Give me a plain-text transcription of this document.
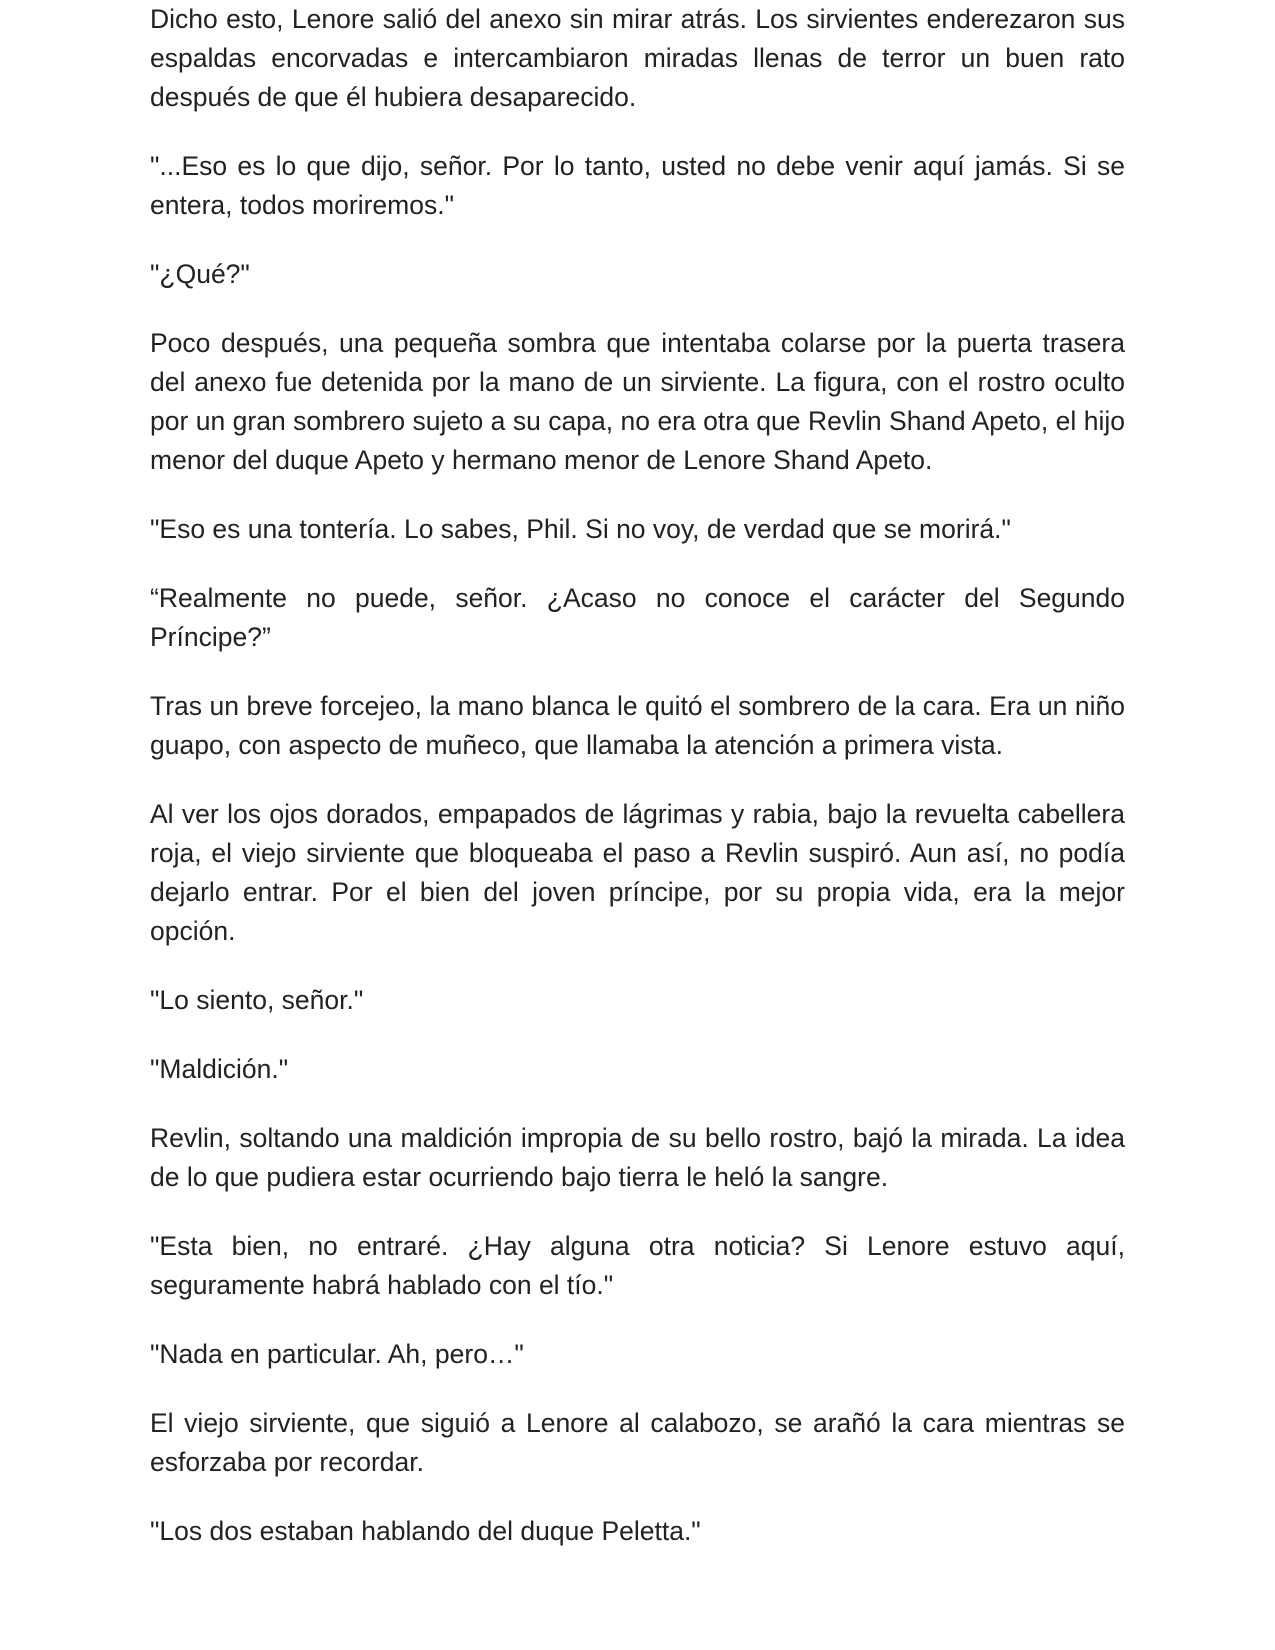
Dicho esto, Lenore salió del anexo sin mirar atrás. Los sirvientes enderezaron sus espaldas encorvadas e intercambiaron miradas llenas de terror un buen rato después de que él hubiera desaparecido.

"...Eso es lo que dijo, señor. Por lo tanto, usted no debe venir aquí jamás. Si se entera, todos moriremos."

"¿Qué?"

Poco después, una pequeña sombra que intentaba colarse por la puerta trasera del anexo fue detenida por la mano de un sirviente. La figura, con el rostro oculto por un gran sombrero sujeto a su capa, no era otra que Revlin Shand Apeto, el hijo menor del duque Apeto y hermano menor de Lenore Shand Apeto.

"Eso es una tontería. Lo sabes, Phil. Si no voy, de verdad que se morirá."

“Realmente no puede, señor. ¿Acaso no conoce el carácter del Segundo Príncipe?”

Tras un breve forcejeo, la mano blanca le quitó el sombrero de la cara. Era un niño guapo, con aspecto de muñeco, que llamaba la atención a primera vista.

Al ver los ojos dorados, empapados de lágrimas y rabia, bajo la revuelta cabellera roja, el viejo sirviente que bloqueaba el paso a Revlin suspiró. Aun así, no podía dejarlo entrar. Por el bien del joven príncipe, por su propia vida, era la mejor opción.

"Lo siento, señor."

"Maldición."

Revlin, soltando una maldición impropia de su bello rostro, bajó la mirada. La idea de lo que pudiera estar ocurriendo bajo tierra le heló la sangre.

"Esta bien, no entraré. ¿Hay alguna otra noticia? Si Lenore estuvo aquí, seguramente habrá hablado con el tío."

"Nada en particular. Ah, pero…"

El viejo sirviente, que siguió a Lenore al calabozo, se arañó la cara mientras se esforzaba por recordar.

"Los dos estaban hablando del duque Peletta."
